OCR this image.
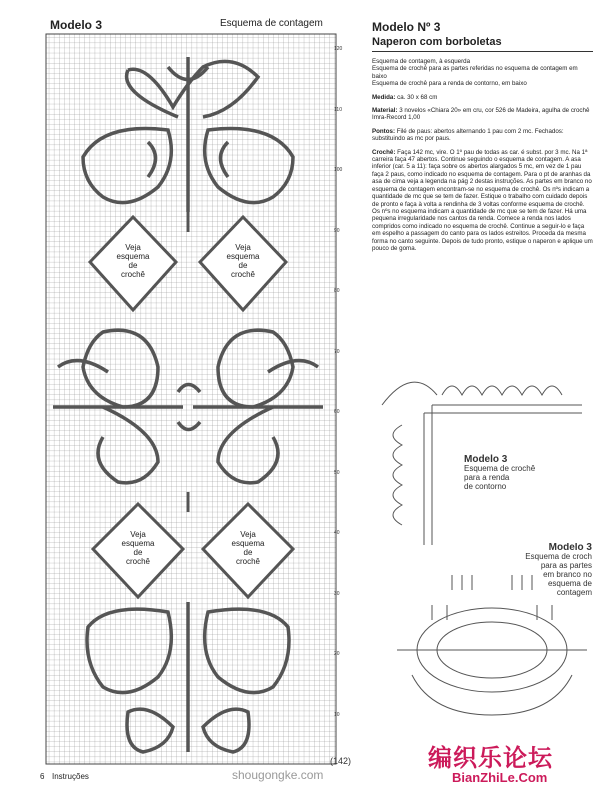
Modelo 3	Esquema de contagem
120
110
100
90
80
70
60
50
40
30
20
10
Veja
esquema de
crochê
Veja
esquema de
crochê
Veja
esquema de
crochê
Veja
esquema de
crochê

Modelo Nº 3

Naperon com borboletas

Esquema de contagem, à esquerda
Esquema de crochê para as partes referidas no esquema de contagem em baixo
Esquema de crochê para a renda de contorno, em baixo

Medida: ca. 30 x 68 cm

Material: 3 novelos «Chiara 20» em cru, cor 526 de Madeira, agulha de crochê Imra-Record 1,00

Pontos: Filé de paus: abertos alternando 1 pau com 2 mc. Fechados: substituindo as mc por paus.

Crochê: Faça 142 mc, vire. O 1º pau de todas as car. é subst. por 3 mc. Na 1ª carreira faça 47 abertos. Continue seguindo o esquema de contagem. A asa inferior (car. 5 a 11): faça sobre os abertos alargados 5 mc, em vez de 1 pau faça 2 paus, como indicado no esquema de contagem. Para o pt de aranhas da asa de cima veja a legenda na pág 2 destas instruções. As partes em branco no esquema de contagem encontram-se no esquema de crochê. Os nºs indicam a quantidade de mc que se tem de fazer. Estique o trabalho com cuidado depois de pronto e faça à volta a rendinha de 3 voltas conforme esquema de crochê. Os nºs no esquema indicam a quantidade de mc que se tem de fazer. Há uma pequena irregularidade nos cantos da renda. Comece a renda nos lados compridos como indicado no esquema de crochê. Continue a seguir-lo e faça em espelho a passagem do canto para os lados estreitos. Proceda da mesma forma no canto seguinte. Depois de tudo pronto, estique o naperon e aplique um pouco de goma.

Modelo 3
Esquema de crochê
para a renda
de contorno
Modelo 3
Esquema de croch
para as partes
em branco no
esquema de
contagem
6 Instruções
(142)
shougongke.com
编织乐论坛
BianZhiLe.Com
